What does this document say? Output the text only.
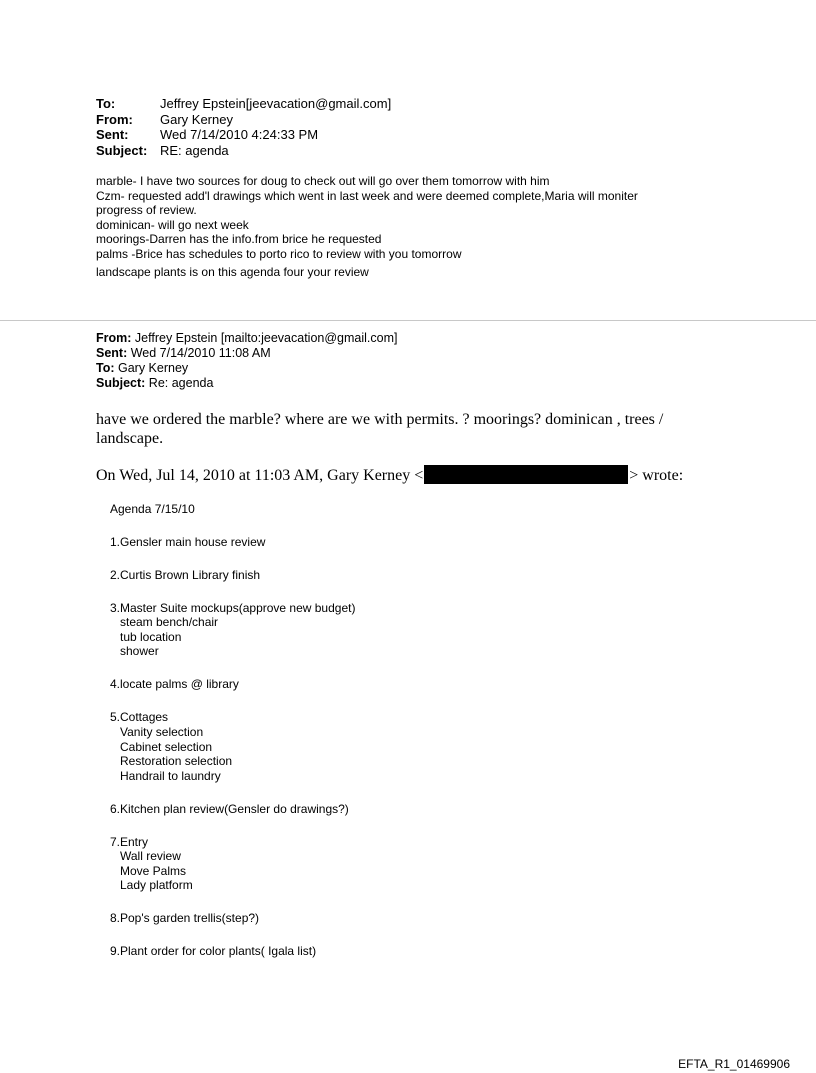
To:	Jeffrey Epstein[jeevacation@gmail.com]
From:	Gary Kerney
Sent:	Wed 7/14/2010 4:24:33 PM
Subject: RE: agenda
marble- I have two sources for doug to check out will go over them tomorrow with him
Czm- requested add'l drawings which went in last week and were deemed complete,Maria will moniter
progress of review.
dominican- will go next week
moorings-Darren has the info.from brice he requested
palms -Brice has schedules to porto rico to review with you tomorrow
landscape plants is on this agenda four your review
From: Jeffrey Epstein [mailto:jeevacation@gmail.com]
Sent: Wed 7/14/2010 11:08 AM
To: Gary Kerney
Subject: Re: agenda
have we ordered the marble? where are we with permits. ? moorings? dominican , trees / landscape.
On Wed, Jul 14, 2010 at 11:03 AM, Gary Kerney <	> wrote:
Agenda 7/15/10
1.Gensler main house review
2.Curtis Brown Library finish
3.Master Suite mockups(approve new budget)
steam bench/chair
tub location
shower
4.locate palms @ library
5.Cottages
Vanity selection
Cabinet selection
Restoration selection
Handrail to laundry
6.Kitchen plan review(Gensler do drawings?)
7.Entry
Wall review
Move Palms
Lady platform
8.Pop's garden trellis(step?)
9.Plant order for color plants( Igala list)
EFTA_R1_01469906
